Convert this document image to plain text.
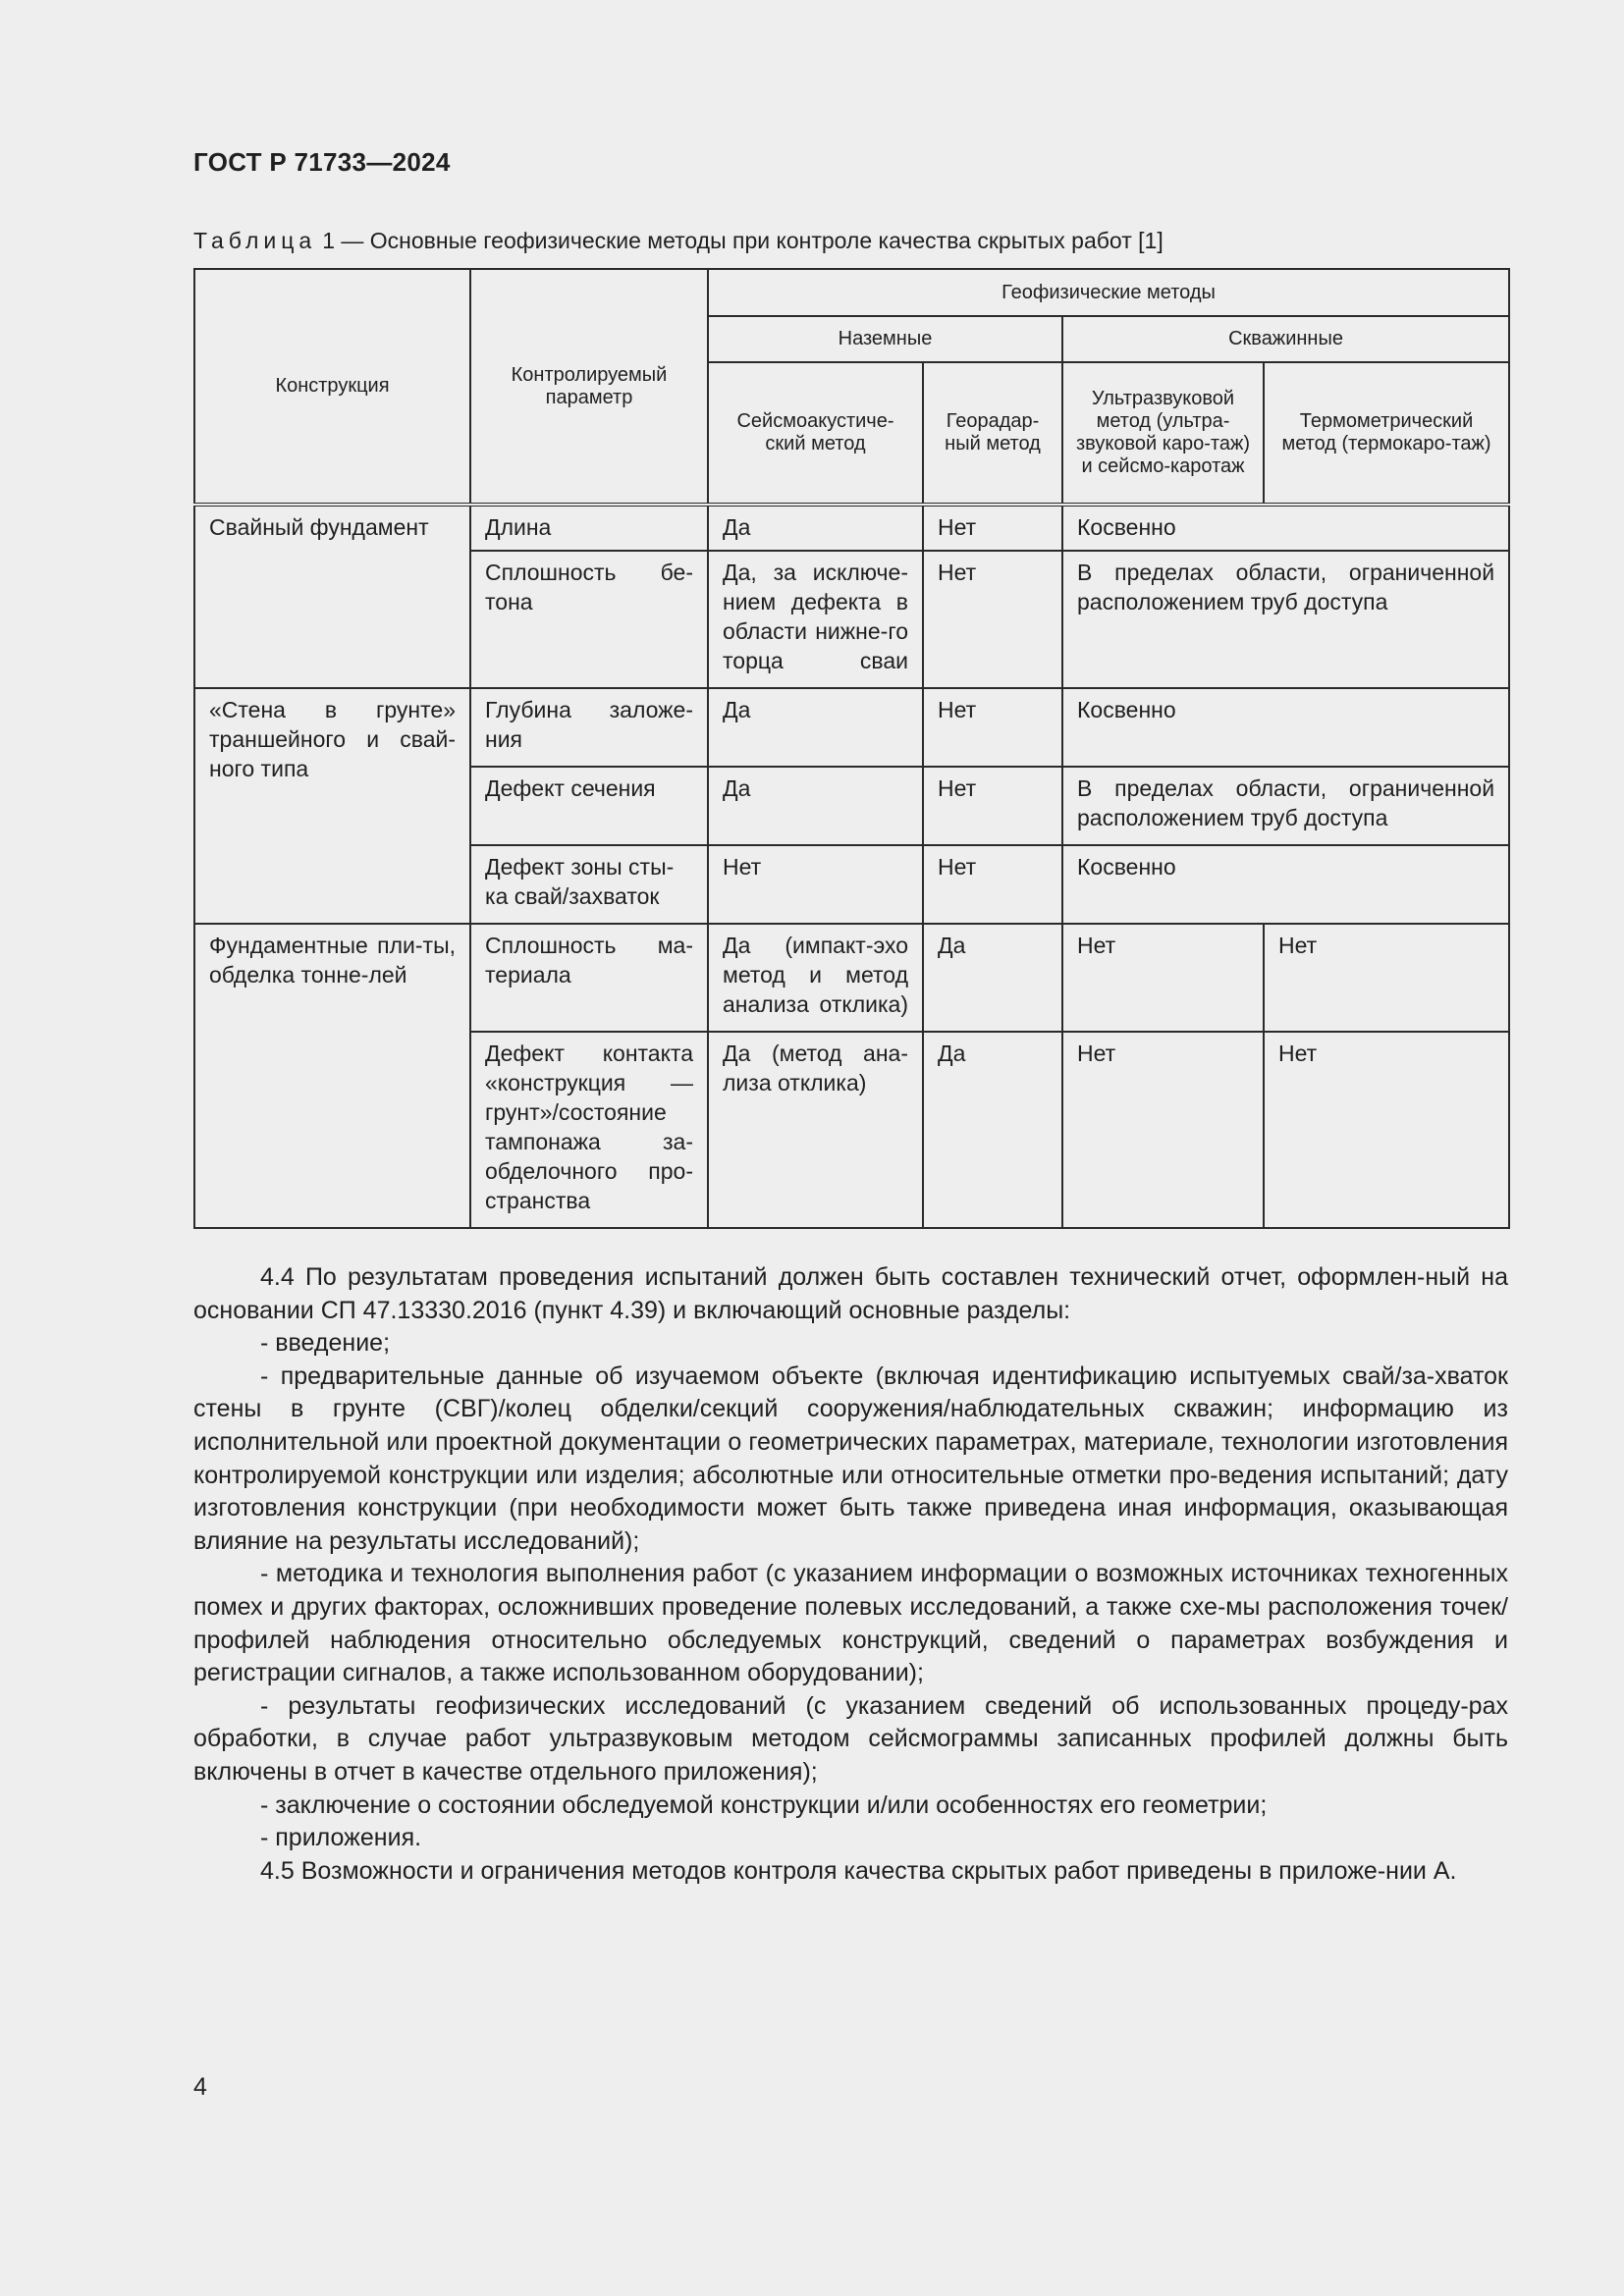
ГОСТ Р 71733—2024
Таблица 1 — Основные геофизические методы при контроле качества скрытых работ [1]
Конструкция	Контролируемый параметр	Геофизические методы			
		Наземные		Скважинные	
		Сейсмоакустиче-ский метод	Георадар-ный метод	Ультразвуковой метод (ультра-звуковой каро-таж) и сейсмо-каротаж	Термометрический метод (термокаро-таж)
Свайный фундамент	Длина	Да	Нет	Косвенно	
	Сплошность бе-тона	Да, за исключе-нием дефекта в области нижне-го торца сваи	Нет	В пределах области, ограниченной расположением труб доступа	
«Стена в грунте» траншейного и свай-ного типа	Глубина заложе-ния	Да	Нет	Косвенно	
	Дефект сечения	Да	Нет	В пределах области, ограниченной расположением труб доступа	
	Дефект зоны сты-ка свай/захваток	Нет	Нет	Косвенно	
Фундаментные пли-ты, обделка тонне-лей	Сплошность ма-териала	Да (импакт-эхо метод и метод анализа отклика)	Да	Нет	Нет
	Дефект контакта «конструкция — грунт»/состояние тампонажа за-обделочного про-странства	Да (метод ана-лиза отклика)	Да	Нет	Нет

4.4 По результатам проведения испытаний должен быть составлен технический отчет, оформлен-ный на основании СП 47.13330.2016 (пункт 4.39) и включающий основные разделы:

- введение;

- предварительные данные об изучаемом объекте (включая идентификацию испытуемых свай/за-хваток стены в грунте (СВГ)/колец обделки/секций сооружения/наблюдательных скважин; информацию из исполнительной или проектной документации о геометрических параметрах, материале, технологии изготовления контролируемой конструкции или изделия; абсолютные или относительные отметки про-ведения испытаний; дату изготовления конструкции (при необходимости может быть также приведена иная информация, оказывающая влияние на результаты исследований);

- методика и технология выполнения работ (с указанием информации о возможных источниках техногенных помех и других факторах, осложнивших проведение полевых исследований, а также схе-мы расположения точек/профилей наблюдения относительно обследуемых конструкций, сведений о параметрах возбуждения и регистрации сигналов, а также использованном оборудовании);

- результаты геофизических исследований (с указанием сведений об использованных процеду-рах обработки, в случае работ ультразвуковым методом сейсмограммы записанных профилей должны быть включены в отчет в качестве отдельного приложения);

- заключение о состоянии обследуемой конструкции и/или особенностях его геометрии;

- приложения.

4.5 Возможности и ограничения методов контроля качества скрытых работ приведены в приложе-нии А.

4
